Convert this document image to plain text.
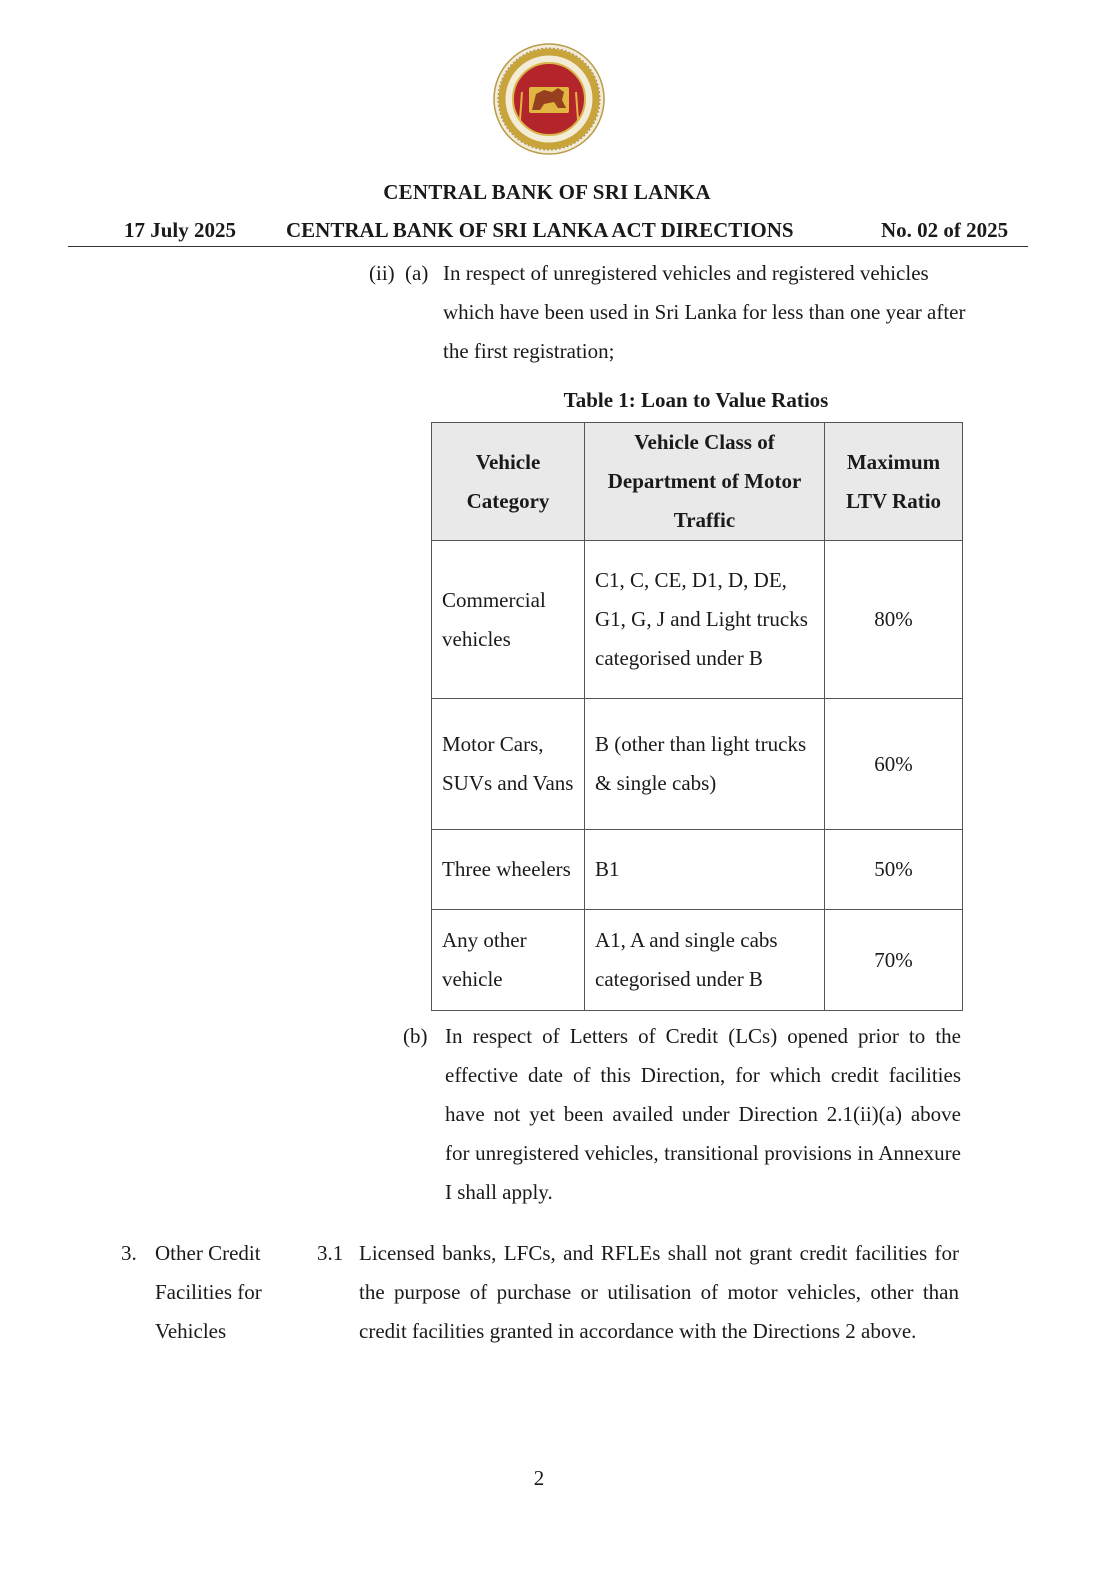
CENTRAL BANK OF SRI LANKA
17 July 2025 CENTRAL BANK OF SRI LANKA ACT DIRECTIONS	No. 02 of 2025
(ii) (a) In respect of unregistered vehicles and registered vehicles which have been used in Sri Lanka for less than one year after the first registration;
Table 1: Loan to Value Ratios
Vehicle Category	Vehicle Class of Department of Motor Traffic	Maximum LTV Ratio
Commercial vehicles	C1, C, CE, D1, D, DE, G1, G, J and Light trucks categorised under B	80%
Motor Cars, SUVs and Vans	B (other than light trucks & single cabs)	60%
Three wheelers	B1	50%
Any other vehicle	A1, A and single cabs categorised under B	70%
(b) In respect of Letters of Credit (LCs) opened prior to the effective date of this Direction, for which credit facilities have not yet been availed under Direction 2.1(ii)(a) above for unregistered vehicles, transitional provisions in Annexure I shall apply.
3. Other Credit Facilities for Vehicles
3.1 Licensed banks, LFCs, and RFLEs shall not grant credit facilities for the purpose of purchase or utilisation of motor vehicles, other than credit facilities granted in accordance with the Directions 2 above.
2
